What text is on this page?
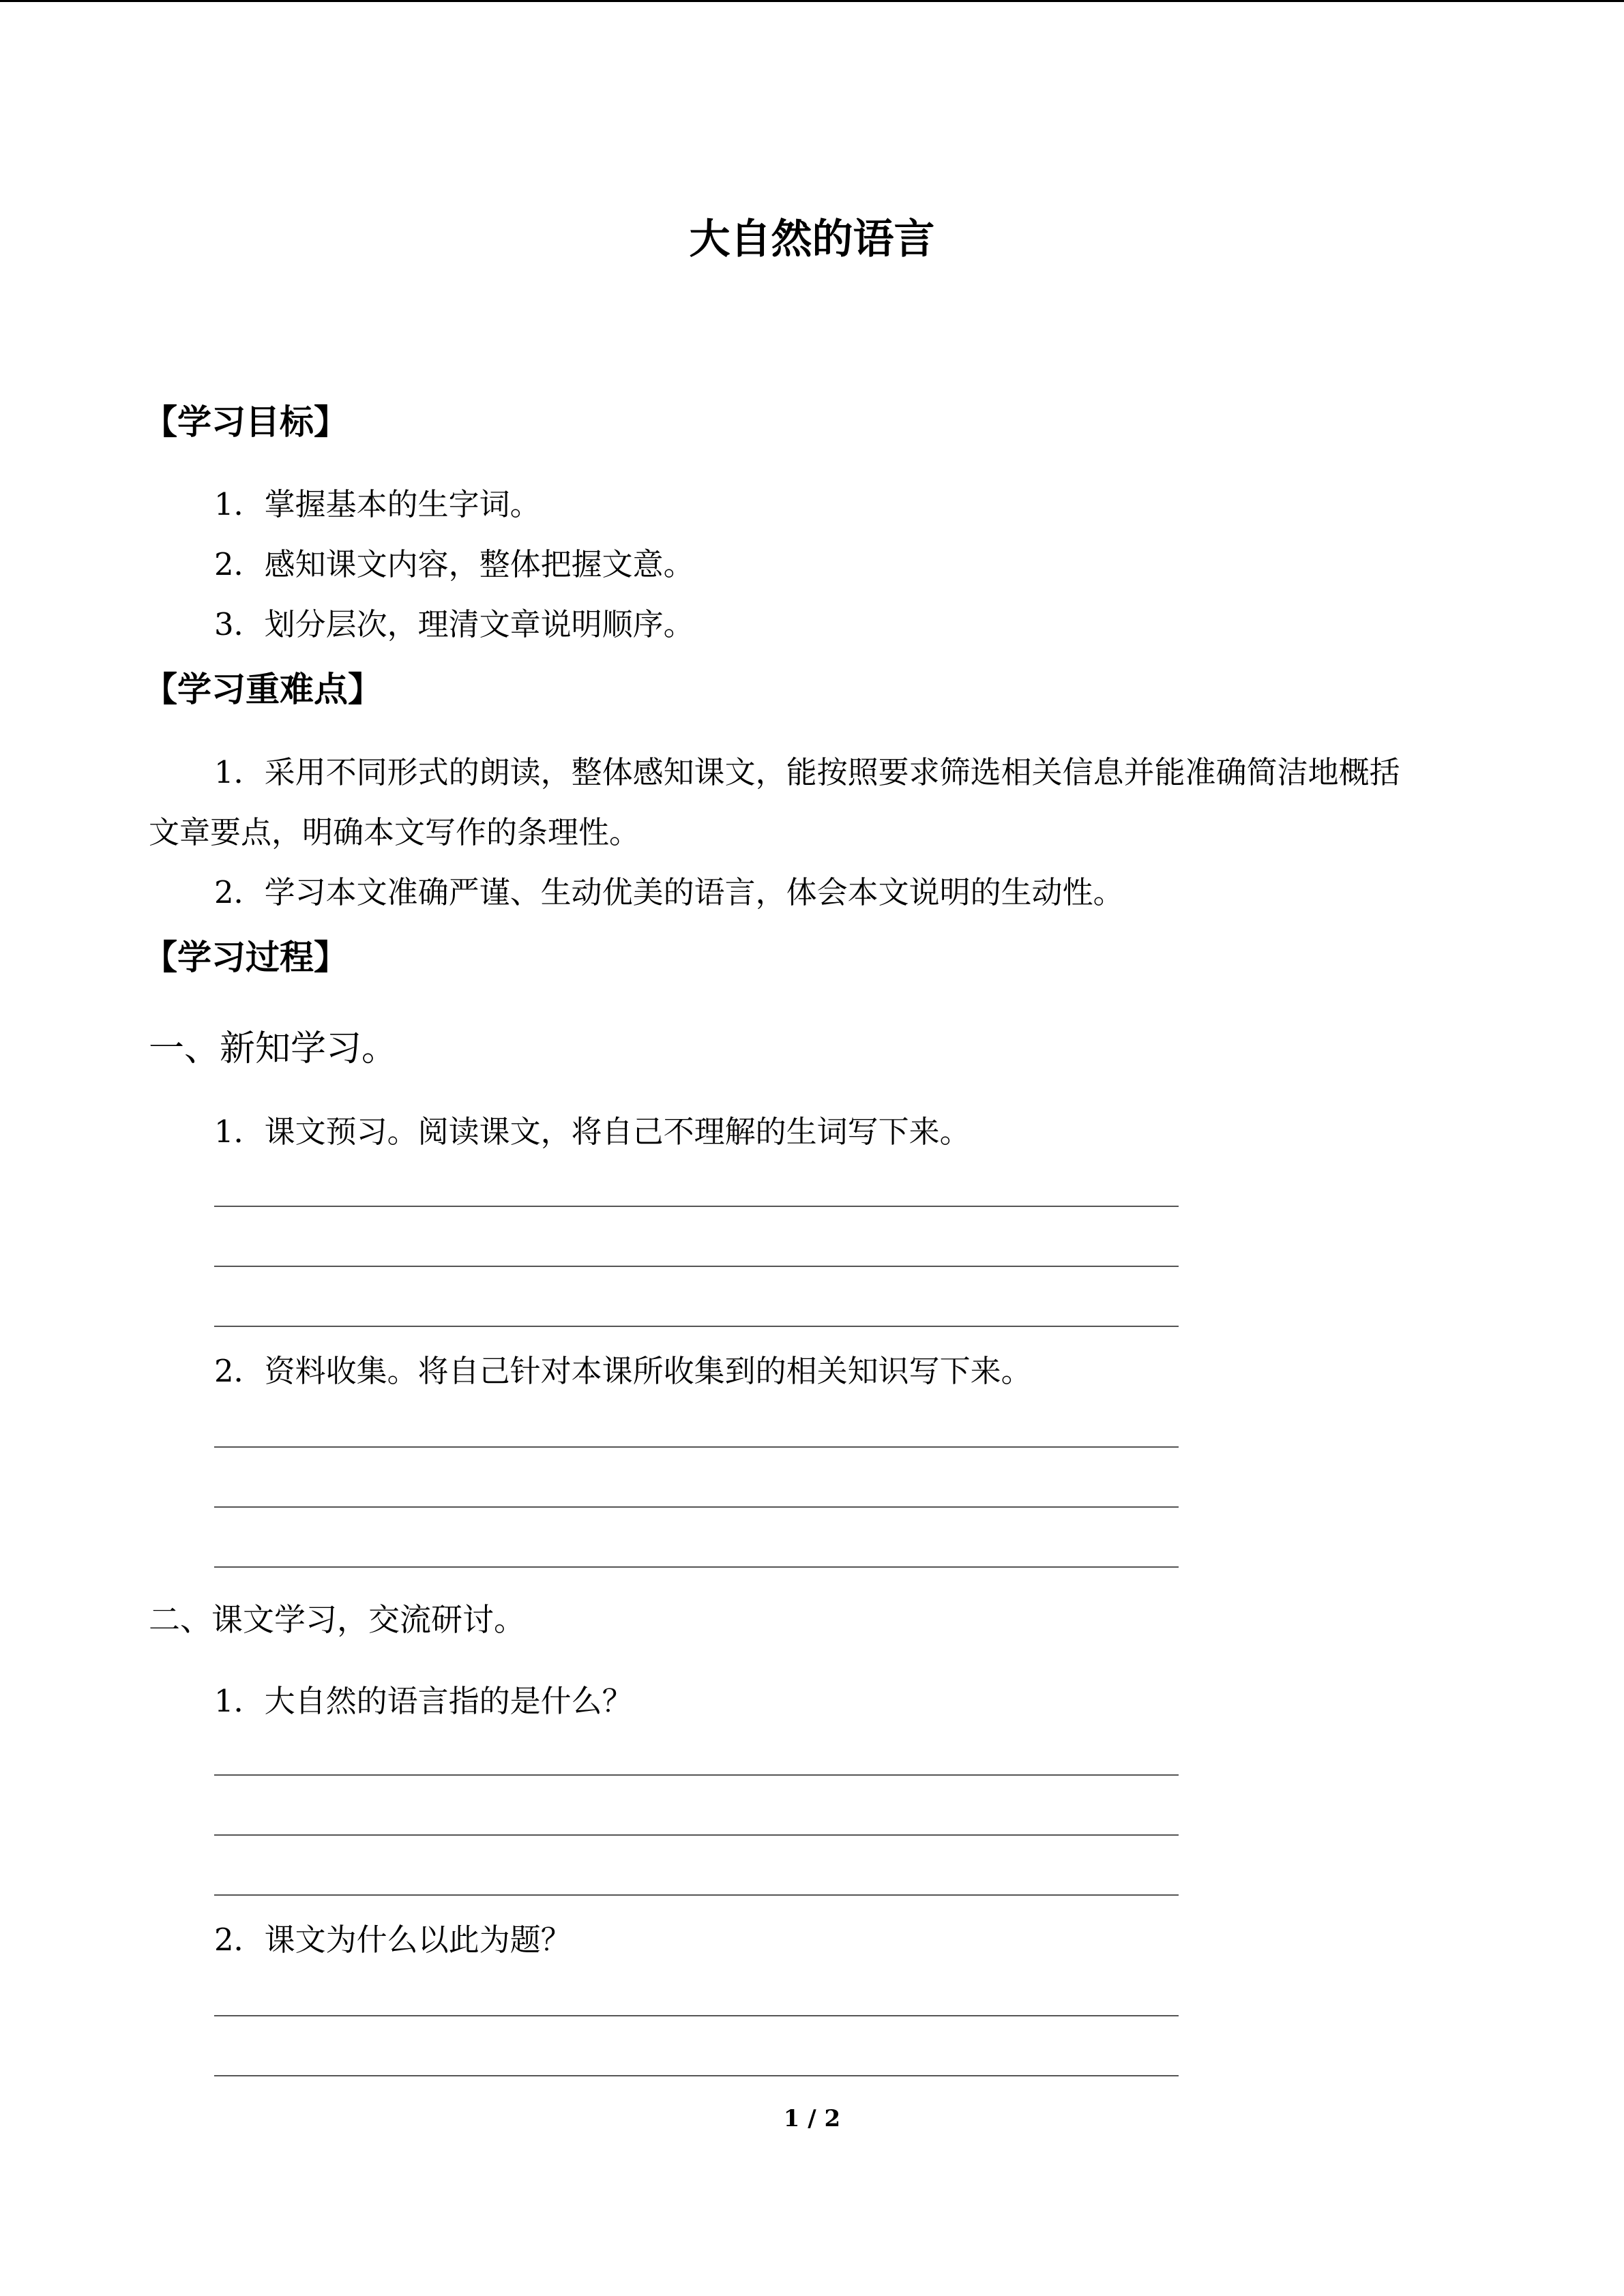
大自然的语言
【学习目标】
1．掌握基本的生字词。
2．感知课文内容，整体把握文意。
3．划分层次，理清文章说明顺序。
【学习重难点】
1．采用不同形式的朗读，整体感知课文，能按照要求筛选相关信息并能准确简洁地概括
文章要点，明确本文写作的条理性。
2．学习本文准确严谨、生动优美的语言，体会本文说明的生动性。
【学习过程】
一、新知学习。
1．课文预习。阅读课文，将自己不理解的生词写下来。
2．资料收集。将自己针对本课所收集到的相关知识写下来。
二、课文学习，交流研讨。
1．大自然的语言指的是什么？
2．课文为什么以此为题？
1 / 2
